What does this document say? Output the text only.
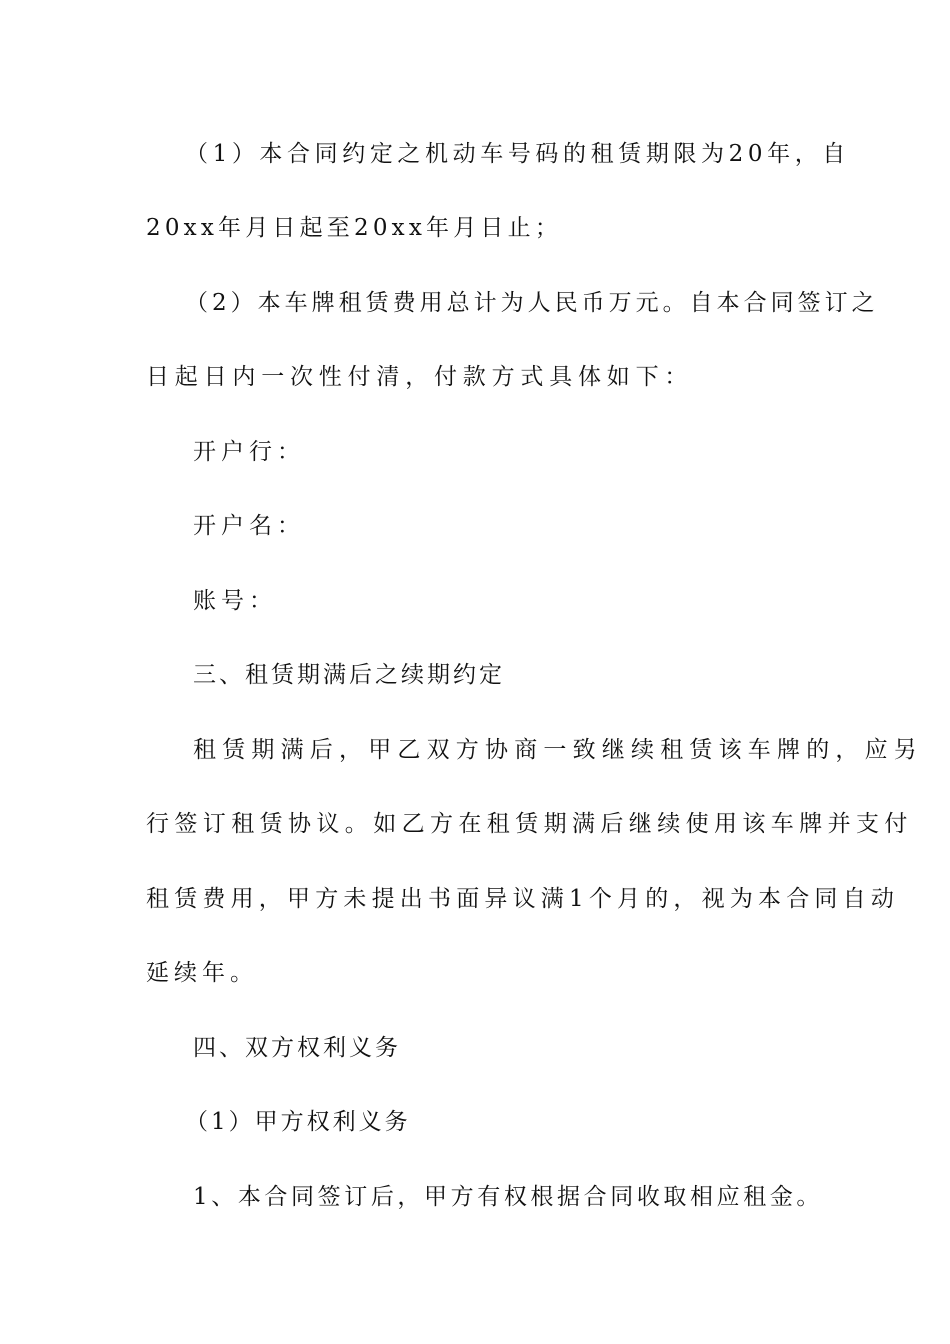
（1）本合同约定之机动车号码的租赁期限为20年，自
20xx年月日起至20xx年月日止；
（2）本车牌租赁费用总计为人民币万元。自本合同签订之
日起日内一次性付清，付款方式具体如下：
开户行：
开户名：
账号：
三、租赁期满后之续期约定
租赁期满后，甲乙双方协商一致继续租赁该车牌的，应另
行签订租赁协议。如乙方在租赁期满后继续使用该车牌并支付
租赁费用，甲方未提出书面异议满1个月的，视为本合同自动
延续年。
四、双方权利义务
（1）甲方权利义务
1、本合同签订后，甲方有权根据合同收取相应租金。
